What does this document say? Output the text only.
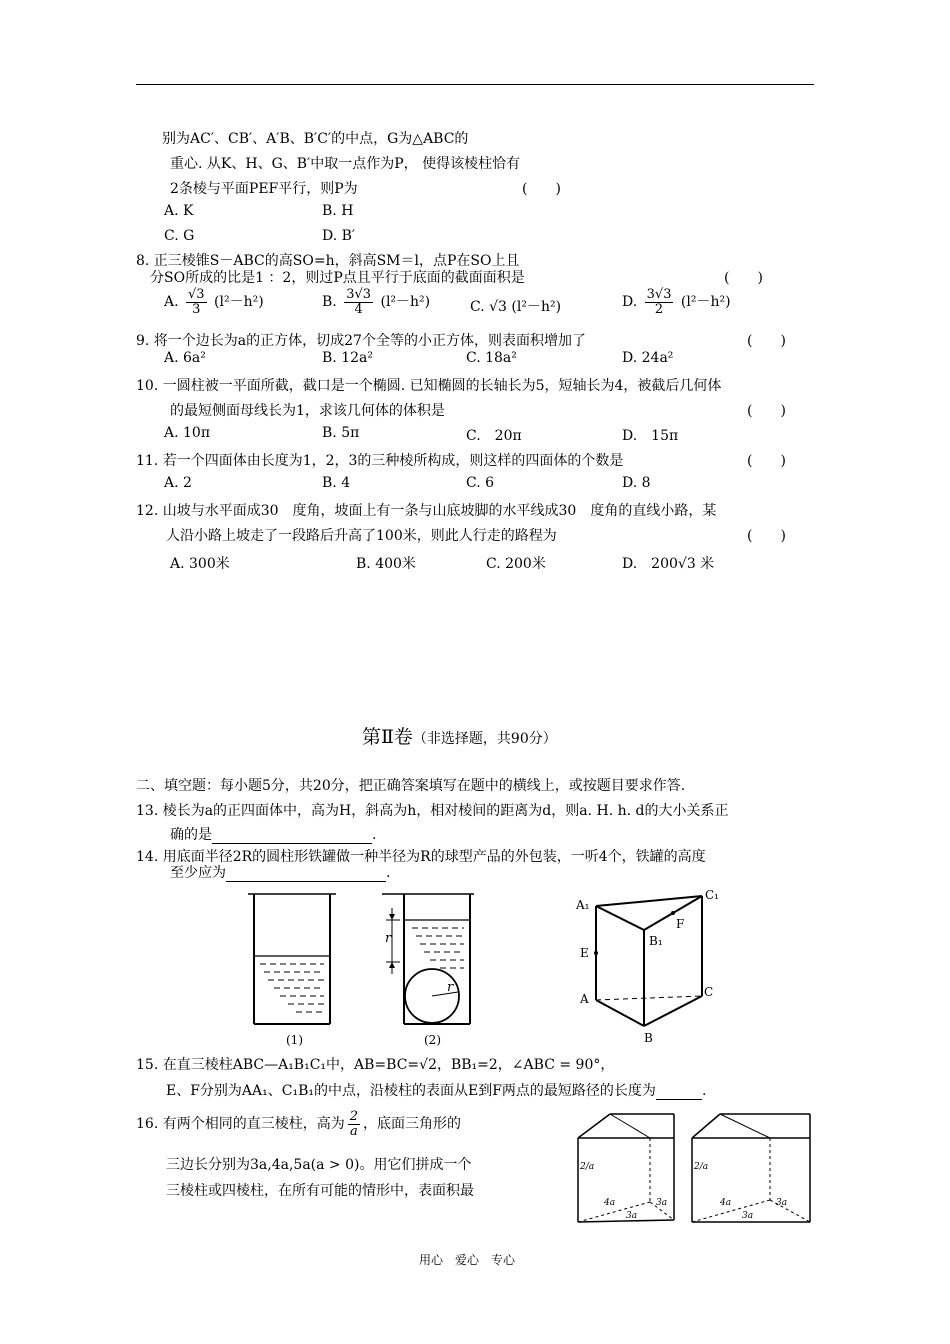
别为AC′、CB′、A′B、B′C′的中点，G为△ABC的
重心. 从K、H、G、B′中取一点作为P， 使得该棱柱恰有
2条棱与平面PEF平行，则P为	(　　)
A. K	B. H
C. G	D. B′
8. 正三棱锥S－ABC的高SO=h，斜高SM＝l，点P在SO上且
分SO所成的比是1 ：2，则过P点且平行于底面的截面面积是	(　　)
A. $\frac{√3}{3} (l^2-h^2)$	B. $\frac{3√3}{4} (l^2-h^2)$	C. √3 (l²－h²)	D. $\frac{3√3}{2} (l^2-h^2)$
9. 将一个边长为a的正方体，切成27个全等的小正方体，则表面积增加了	(　　)
A. 6a²	B. 12a²	C. 18a²	D. 24a²
10. 一圆柱被一平面所截，截口是一个椭圆. 已知椭圆的长轴长为5，短轴长为4，被截后几何体
的最短侧面母线长为1，求该几何体的体积是	(　　)
A. 10π	B. 5π	C.　20π	D.　15π
11. 若一个四面体由长度为1，2，3的三种棱所构成，则这样的四面体的个数是	(　　)
A. 2	B. 4	C. 6	D. 8
12. 山坡与水平面成30　度角，坡面上有一条与山底坡脚的水平线成30　度角的直线小路，某
人沿小路上坡走了一段路后升高了100米，则此人行走的路程为	(　　)
A. 300米	B. 400米	C. 200米	D.　200√3 米
第Ⅱ卷（非选择题，共90分）
二、填空题：每小题5分，共20分，把正确答案填写在题中的横线上，或按题目要求作答.
13. 棱长为a的正四面体中，高为H，斜高为h，相对棱间的距离为d，则a. H. h. d的大小关系正
确的是	.
14. 用底面半径2R的圆柱形铁罐做一种半径为R的球型产品的外包装，一听4个，铁罐的高度
至少应为	.
r
r
(1)	(2)
A₁
C₁
B₁
F
E
A	C
B
15. 在直三棱柱ABC—A₁B₁C₁中，AB=BC=√2，BB₁=2，∠ABC = 90°，
E、F分别为AA₁、C₁B₁的中点，沿棱柱的表面从E到F两点的最短路径的长度为	.
16. 有两个相同的直三棱柱，高为 $\frac{2}{a}$ ，底面三角形的
三边长分别为3a,4a,5a(a > 0)。用它们拼成一个
三棱柱或四棱柱，在所有可能的情形中，表面积最
2/a
4a	3a
3a
2/a
4a	3a
3a
用心　爱心　专心
